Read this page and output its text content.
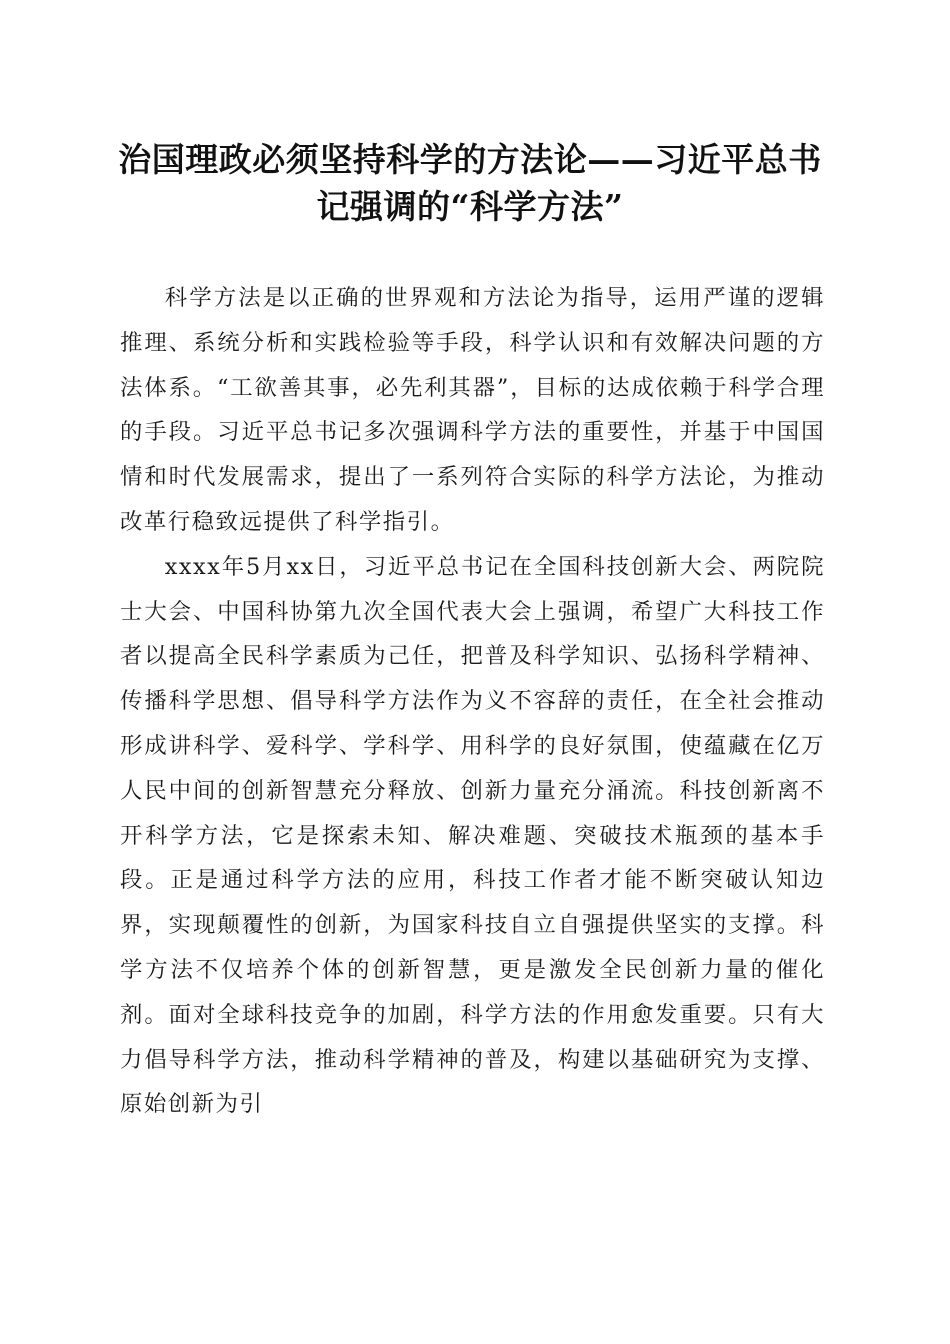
治国理政必须坚持科学的方法论——习近平总书记强调的“科学方法”

科学方法是以正确的世界观和方法论为指导，运用严谨的逻辑推理、系统分析和实践检验等手段，科学认识和有效解决问题的方法体系。“工欲善其事，必先利其器”，目标的达成依赖于科学合理的手段。习近平总书记多次强调科学方法的重要性，并基于中国国情和时代发展需求，提出了一系列符合实际的科学方法论，为推动改革行稳致远提供了科学指引。

xxxx年5月xx日，习近平总书记在全国科技创新大会、两院院士大会、中国科协第九次全国代表大会上强调，希望广大科技工作者以提高全民科学素质为己任，把普及科学知识、弘扬科学精神、传播科学思想、倡导科学方法作为义不容辞的责任，在全社会推动形成讲科学、爱科学、学科学、用科学的良好氛围，使蕴藏在亿万人民中间的创新智慧充分释放、创新力量充分涌流。科技创新离不开科学方法，它是探索未知、解决难题、突破技术瓶颈的基本手段。正是通过科学方法的应用，科技工作者才能不断突破认知边界，实现颠覆性的创新，为国家科技自立自强提供坚实的支撑。科学方法不仅培养个体的创新智慧，更是激发全民创新力量的催化剂。面对全球科技竞争的加剧，科学方法的作用愈发重要。只有大力倡导科学方法，推动科学精神的普及，构建以基础研究为支撑、原始创新为引
